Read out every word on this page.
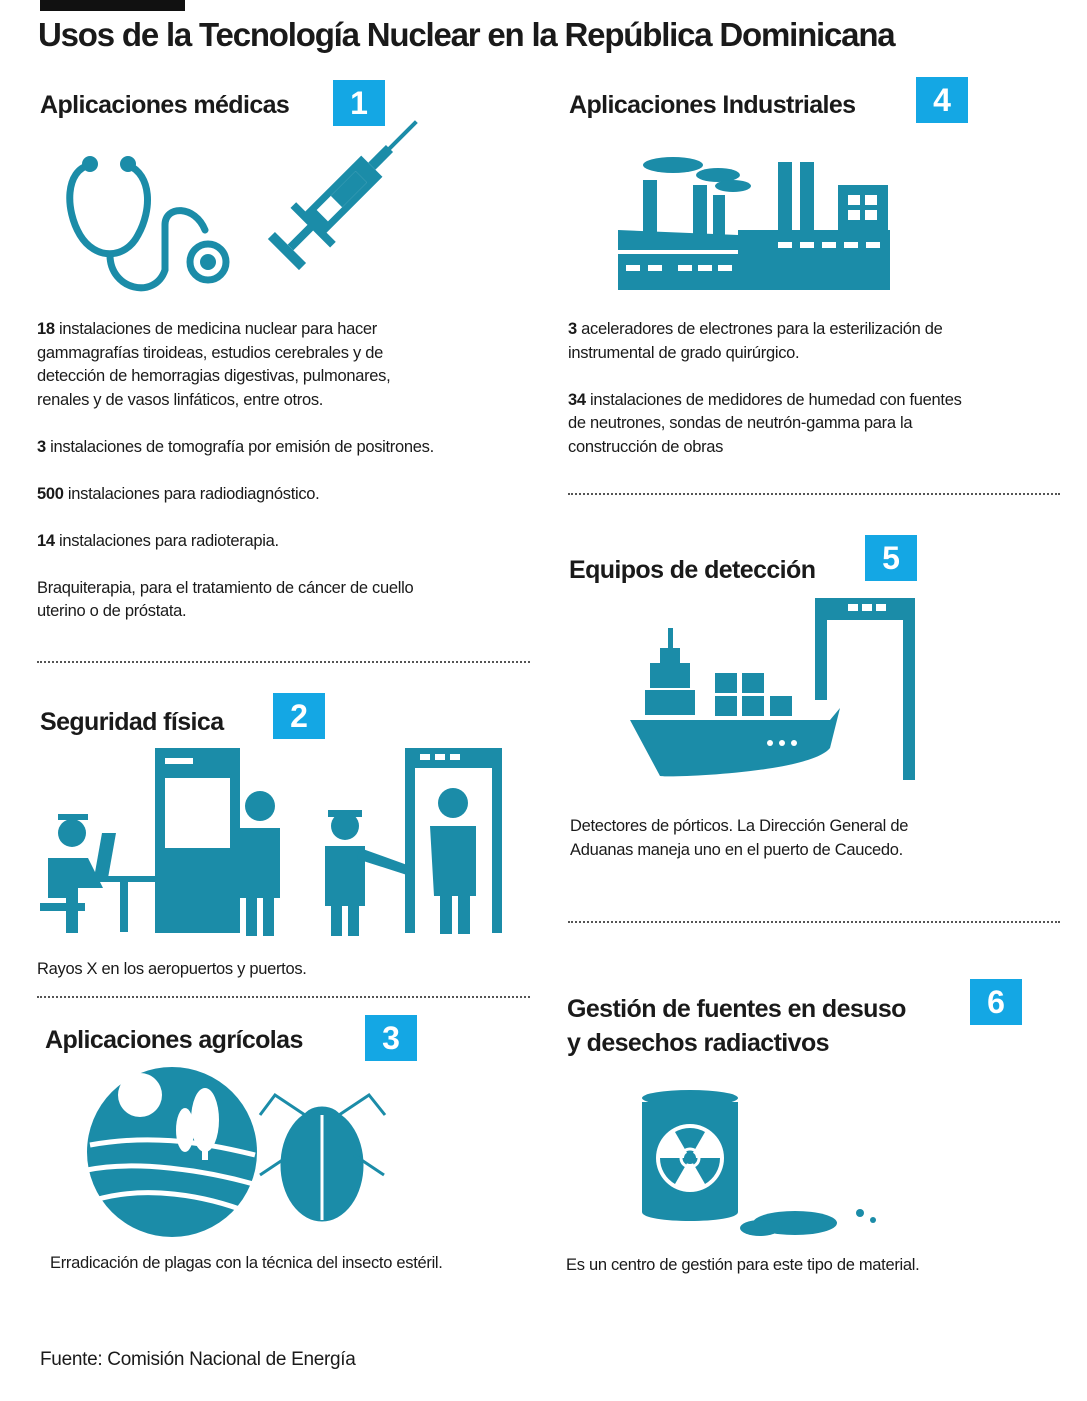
Usos de la Tecnología Nuclear en la República Dominicana
Aplicaciones médicas	1

18 instalaciones de medicina nuclear para hacer gammagrafías tiroideas, estudios cerebrales y de detección de hemorragias digestivas, pulmonares, renales y de vasos linfáticos, entre otros.

3 instalaciones de tomografía por emisión de positrones.

500 instalaciones para radiodiagnóstico.

14 instalaciones para radioterapia.

Braquiterapia, para el tratamiento de cáncer de cuello uterino o de próstata.

Seguridad física	2
Rayos X en los aeropuertos y puertos.
Aplicaciones agrícolas	3
Erradicación de plagas con la técnica del insecto estéril.
Fuente: Comisión Nacional de Energía
Aplicaciones Industriales	4

3 aceleradores de electrones para la esterilización de instrumental de grado quirúrgico.

34 instalaciones de medidores de humedad con fuentes de neutrones, sondas de neutrón-gamma para la construcción de obras

Equipos de detección	5
Detectores de pórticos. La Dirección General de Aduanas maneja uno en el puerto de Caucedo.
Gestión de fuentes en desuso
y desechos radiactivos
6
Es un centro de gestión para este tipo de material.
